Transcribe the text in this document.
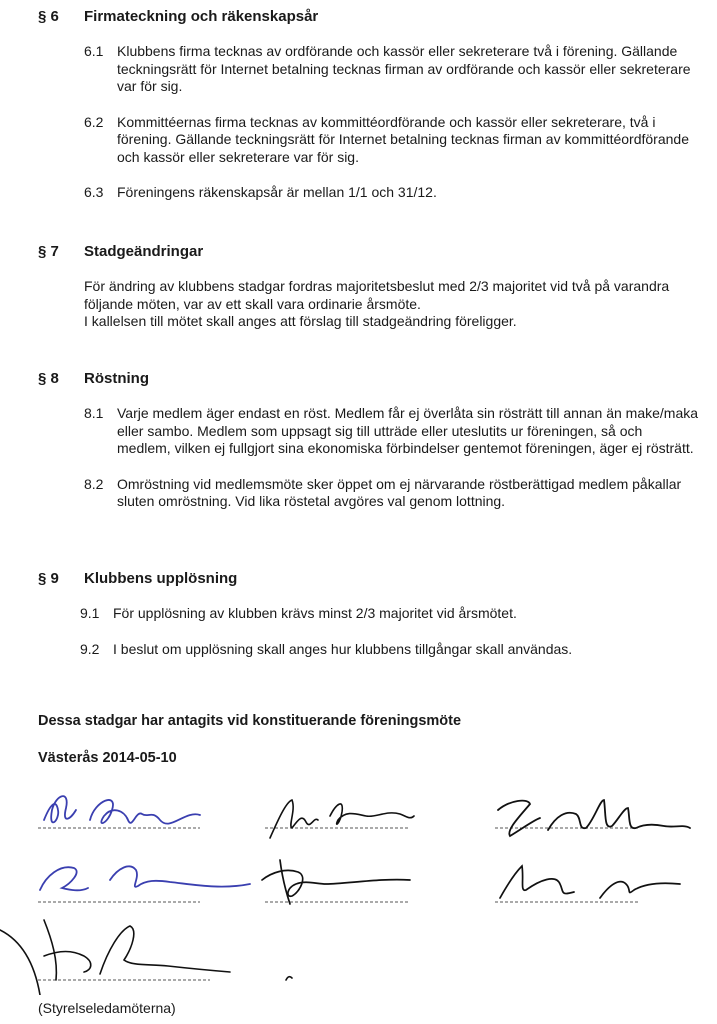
§ 6	Firmateckning och räkenskapsår
6.1 Klubbens firma tecknas av ordförande och kassör eller sekreterare två i förening. Gällande teckningsrätt för Internet betalning tecknas firman av ordförande och kassör eller sekreterare var för sig.
6.2 Kommittéernas firma tecknas av kommittéordförande och kassör eller sekreterare, två i förening. Gällande teckningsrätt för Internet betalning tecknas firman av kommittéordförande och kassör eller sekreterare var för sig.
6.3 Föreningens räkenskapsår är mellan 1/1 och 31/12.
§ 7	Stadgeändringar
För ändring av klubbens stadgar fordras majoritetsbeslut med 2/3 majoritet vid två på varandra följande möten, var av ett skall vara ordinarie årsmöte.
I kallelsen till mötet skall anges att förslag till stadgeändring föreligger.
§ 8	Röstning
8.1 Varje medlem äger endast en röst. Medlem får ej överlåta sin rösträtt till annan än make/maka eller sambo. Medlem som uppsagt sig till utträde eller uteslutits ur föreningen, så och medlem, vilken ej fullgjort sina ekonomiska förbindelser gentemot föreningen, äger ej rösträtt.
8.2 Omröstning vid medlemsmöte sker öppet om ej närvarande röstberättigad medlem påkallar sluten omröstning. Vid lika röstetal avgöres val genom lottning.
§ 9	Klubbens upplösning
9.1 För upplösning av klubben krävs minst 2/3 majoritet vid årsmötet.
9.2 I beslut om upplösning skall anges hur klubbens tillgångar skall användas.
Dessa stadgar har antagits vid konstituerande föreningsmöte
Västerås 2014-05-10
(Styrelseledamöterna)
